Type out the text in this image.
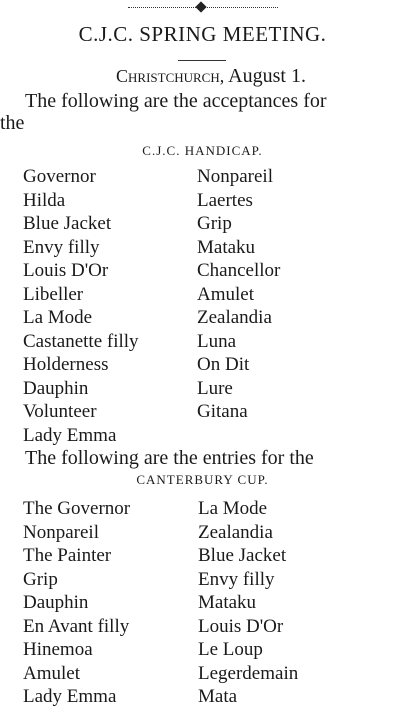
C.J.C. SPRING MEETING.
Christchurch, August 1.
The following are the acceptances for
the
C.J.C. HANDICAP.
Governor
Hilda
Blue Jacket
Envy filly
Louis D'Or
Libeller
La Mode
Castanette filly
Holderness
Dauphin
Volunteer
Lady Emma
Nonpareil
Laertes
Grip
Mataku
Chancellor
Amulet
Zealandia
Luna
On Dit
Lure
Gitana
The following are the entries for the
CANTERBURY CUP.
The Governor
Nonpareil
The Painter
Grip
Dauphin
En Avant filly
Hinemoa
Amulet
Lady Emma
La Mode
Zealandia
Blue Jacket
Envy filly
Mataku
Louis D'Or
Le Loup
Legerdemain
Mata
